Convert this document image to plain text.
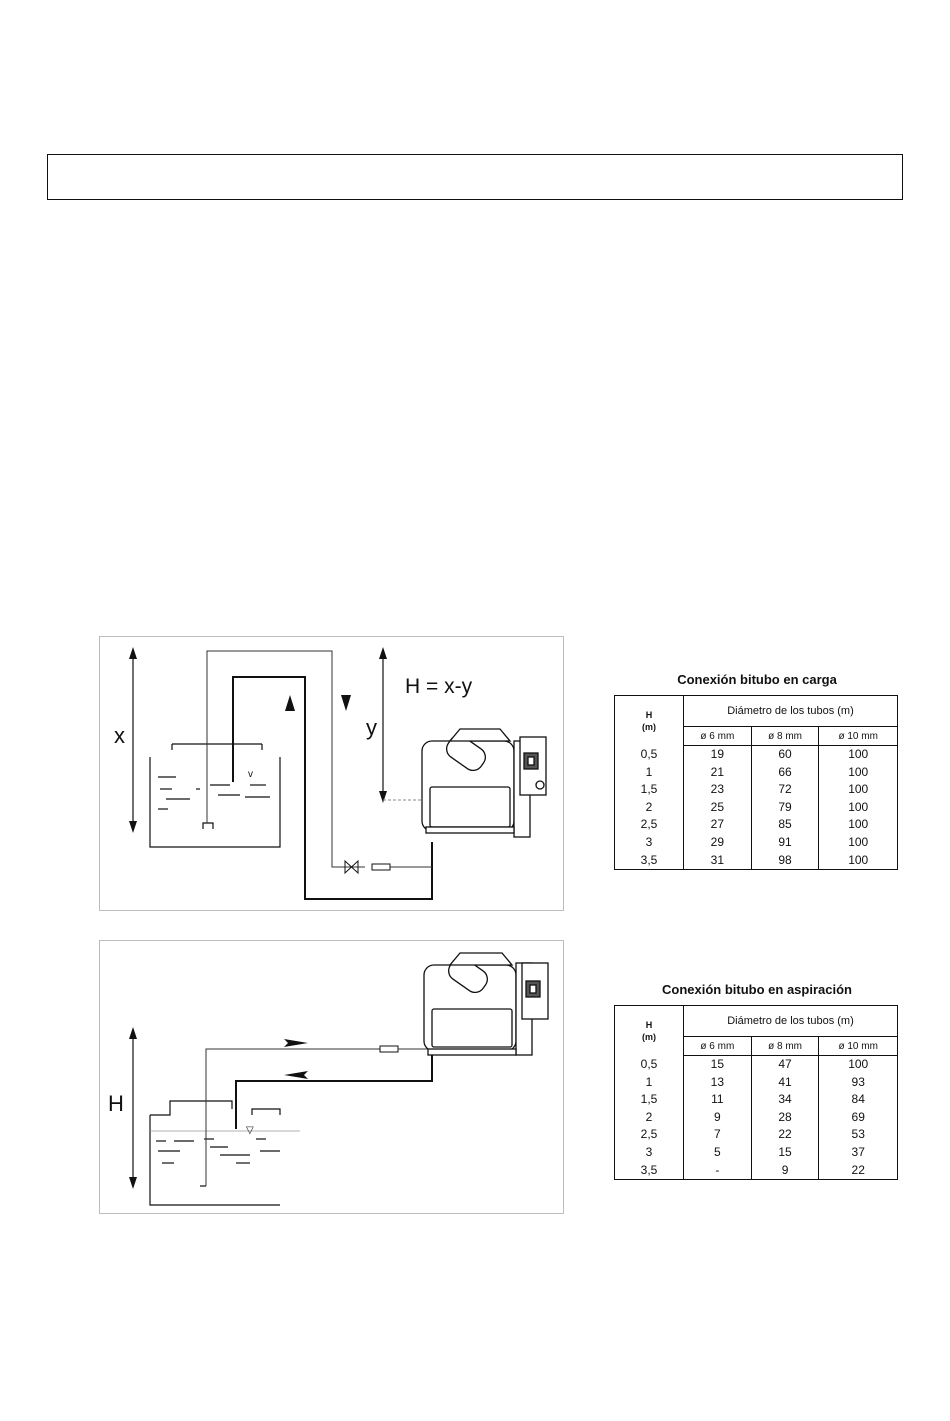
x
v
y
H = x-y
H
▽
Conexión bitubo en carga
H
(m)	Diámetro de los tubos (m)		
	ø 6 mm	ø 8 mm	ø 10 mm
0,5	19	60	100
1	21	66	100
1,5	23	72	100
2	25	79	100
2,5	27	85	100
3	29	91	100
3,5	31	98	100
Conexión bitubo en aspiración
H
(m)	Diámetro de los tubos (m)		
	ø 6 mm	ø 8 mm	ø 10 mm
0,5	15	47	100
1	13	41	93
1,5	11	34	84
2	9	28	69
2,5	7	22	53
3	5	15	37
3,5	-	9	22
